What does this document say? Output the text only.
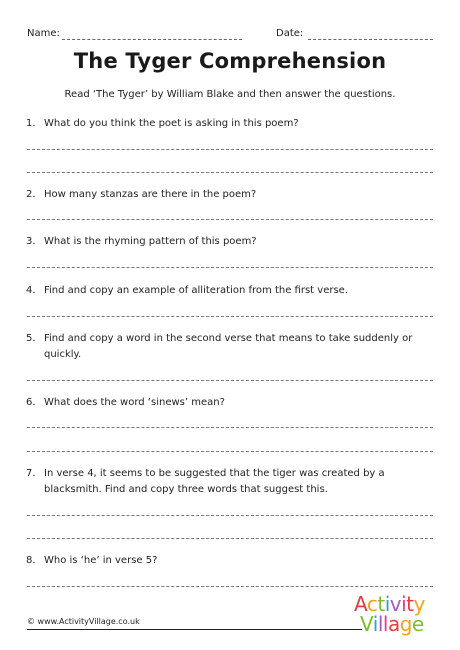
Name:	Date:
The Tyger Comprehension
Read ‘The Tyger’ by William Blake and then answer the questions.
1. What do you think the poet is asking in this poem?
2. How many stanzas are there in the poem?
3. What is the rhyming pattern of this poem?
4. Find and copy an example of alliteration from the first verse.
5. Find and copy a word in the second verse that means to take suddenly or quickly.
6. What does the word ‘sinews’ mean?
7. In verse 4, it seems to be suggested that the tiger was created by a blacksmith. Find and copy three words that suggest this.
8. Who is ‘he’ in verse 5?
© www.ActivityVillage.co.uk
Activity
Village
